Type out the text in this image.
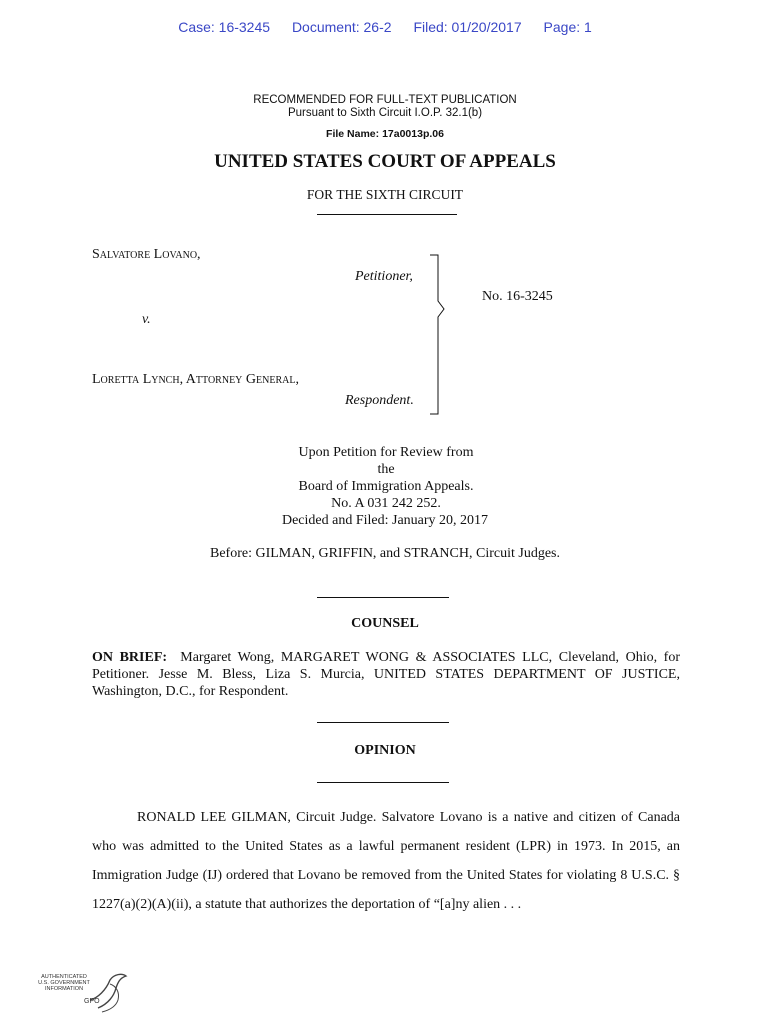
Case: 16-3245 Document: 26-2 Filed: 01/20/2017 Page: 1
RECOMMENDED FOR FULL-TEXT PUBLICATION
Pursuant to Sixth Circuit I.O.P. 32.1(b)
File Name: 17a0013p.06
UNITED STATES COURT OF APPEALS
FOR THE SIXTH CIRCUIT
Salvatore Lovano,
Petitioner,
v.
Loretta Lynch, Attorney General,
Respondent.
No. 16-3245
Upon Petition for Review from the
Board of Immigration Appeals.
No. A 031 242 252.
Decided and Filed: January 20, 2017
Before: GILMAN, GRIFFIN, and STRANCH, Circuit Judges.
COUNSEL
ON BRIEF: Margaret Wong, MARGARET WONG & ASSOCIATES LLC, Cleveland, Ohio, for Petitioner. Jesse M. Bless, Liza S. Murcia, UNITED STATES DEPARTMENT OF JUSTICE, Washington, D.C., for Respondent.
OPINION
RONALD LEE GILMAN, Circuit Judge. Salvatore Lovano is a native and citizen of Canada who was admitted to the United States as a lawful permanent resident (LPR) in 1973. In 2015, an Immigration Judge (IJ) ordered that Lovano be removed from the United States for violating 8 U.S.C. § 1227(a)(2)(A)(ii), a statute that authorizes the deportation of “[a]ny alien . . .
AUTHENTICATED
U.S. GOVERNMENT
INFORMATION
GPO
